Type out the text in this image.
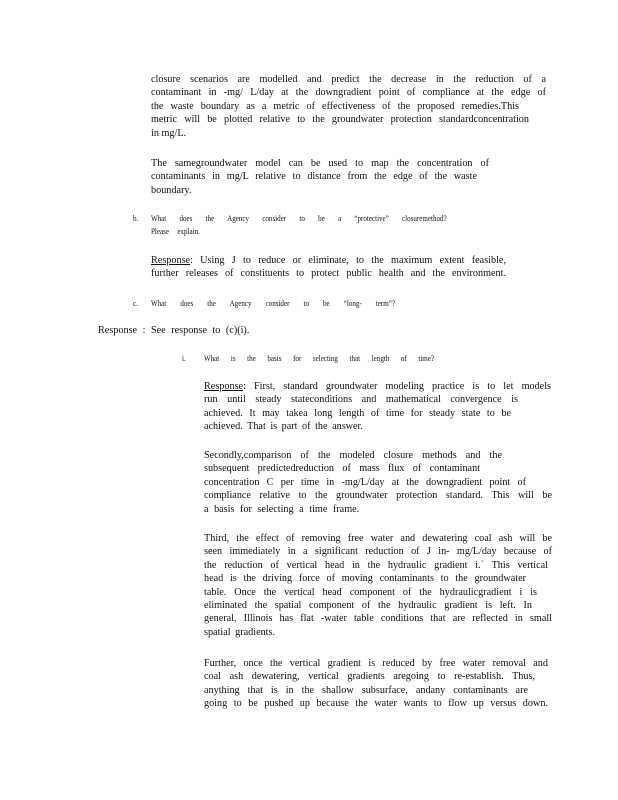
closure scenarios are modelled and predict the decrease in the reduction of a
contaminant in -mg/ L/day at the downgradient point of compliance at the edge of
the waste boundary as a metric of effectiveness of the proposed remedies.This
metric will be plotted relative to the groundwater protection standardconcentration
in mg/L.
The samegroundwater model can be used to map the concentration of
contaminants in mg/L relative to distance from the edge of the waste
boundary.
b. What does the Agency consider to be a “protective” closuremethod?
Please explain.
Response: Using J to reduce or eliminate, to the maximum extent feasible,
further releases of constituents to protect public health and the environment.
c. What does the Agency consider to be “long- term”?
Response : See response to (c)(i).
i. What is the basis for selecting that length of time?
Response: First, standard groundwater modeling practice is to let models
run until steady stateconditions and mathematical convergence is
achieved. It may takea long length of time for steady state to be
achieved. That is part of the answer.
Secondly,comparison of the modeled closure methods and the
subsequent predictedreduction of mass flux of contaminant
concentration C per time in -mg/L/day at the downgradient point of
compliance relative to the groundwater protection standard. This will be
a basis for selecting a time frame.
Third, the effect of removing free water and dewatering coal ash will be
seen immediately in a significant reduction of J in- mg/L/day because of
the reduction of vertical head in the hydraulic gradient i.` This vertical
head is the driving force of moving contaminants to the groundwater
table. Once the vertical head component of the hydraulicgradient i is
eliminated the spatial component of the hydraulic gradient is left. In
general, Illinois has flat -water table conditions that are reflected in small
spatial gradients.
Further, once the vertical gradient is reduced by free water removal and
coal ash dewatering, vertical gradients aregoing to re-establish. Thus,
anything that is in the shallow subsurface, andany contaminants are
going to be pushed up because the water wants to flow up versus down.
